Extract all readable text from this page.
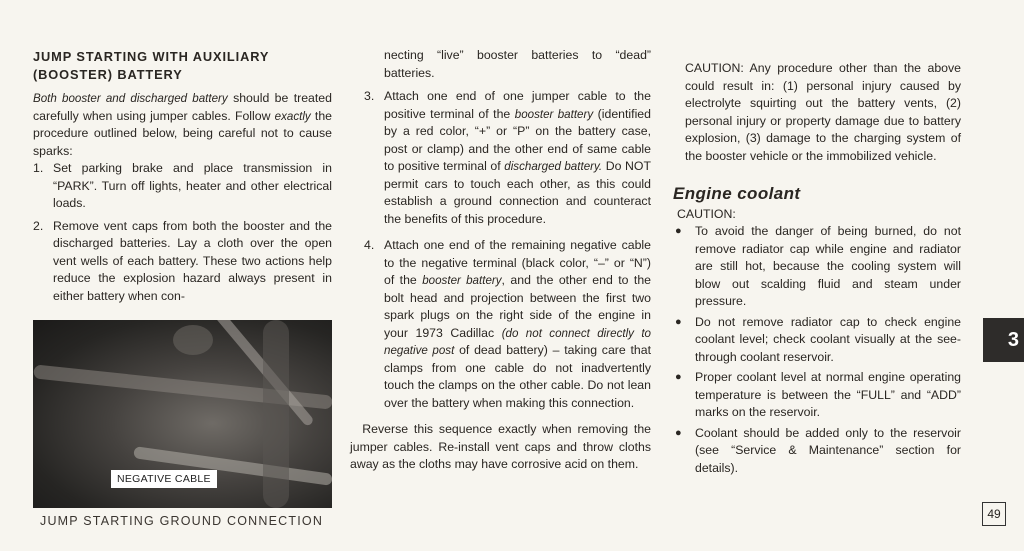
JUMP STARTING WITH AUXILIARY
(BOOSTER) BATTERY

Both booster and discharged battery should be treated carefully when using jumper cables. Follow exactly the procedure outlined below, being careful not to cause sparks:

1. Set parking brake and place transmission in “PARK”. Turn off lights, heater and other electrical loads.
2. Remove vent caps from both the booster and the discharged batteries. Lay a cloth over the open vent wells of each battery. These two actions help reduce the explosion hazard always present in either battery when con-
NEGATIVE CABLE
JUMP STARTING GROUND CONNECTION

necting “live” booster batteries to “dead” batteries.

3. Attach one end of one jumper cable to the positive terminal of the booster battery (identified by a red color, “+” or “P” on the battery case, post or clamp) and the other end of same cable to positive terminal of discharged battery. Do NOT permit cars to touch each other, as this could establish a ground connection and counteract the benefits of this procedure.
4. Attach one end of the remaining negative cable to the negative terminal (black color, “–” or “N”) of the booster battery, and the other end to the bolt head and projection between the first two spark plugs on the right side of the engine in your 1973 Cadillac (do not connect directly to negative post of dead battery) – taking care that clamps from one cable do not inadvertently touch the clamps on the other cable. Do not lean over the battery when making this connection.

 Reverse this sequence exactly when removing the jumper cables. Re-install vent caps and throw cloths away as the cloths may have corrosive acid on them.

CAUTION: Any procedure other than the above could result in: (1) personal injury caused by electrolyte squirting out the battery vents, (2) personal injury or property damage due to battery explosion, (3) damage to the charging system of the booster vehicle or the immobilized vehicle.

Engine coolant
CAUTION:
● To avoid the danger of being burned, do not remove radiator cap while engine and radiator are still hot, because the cooling system will blow out scalding fluid and steam under pressure.
● Do not remove radiator cap to check engine coolant level; check coolant visually at the see-through coolant reservoir.
● Proper coolant level at normal engine operating temperature is between the “FULL” and “ADD” marks on the reservoir.
● Coolant should be added only to the reservoir (see “Service & Maintenance” section for details).
3
49
